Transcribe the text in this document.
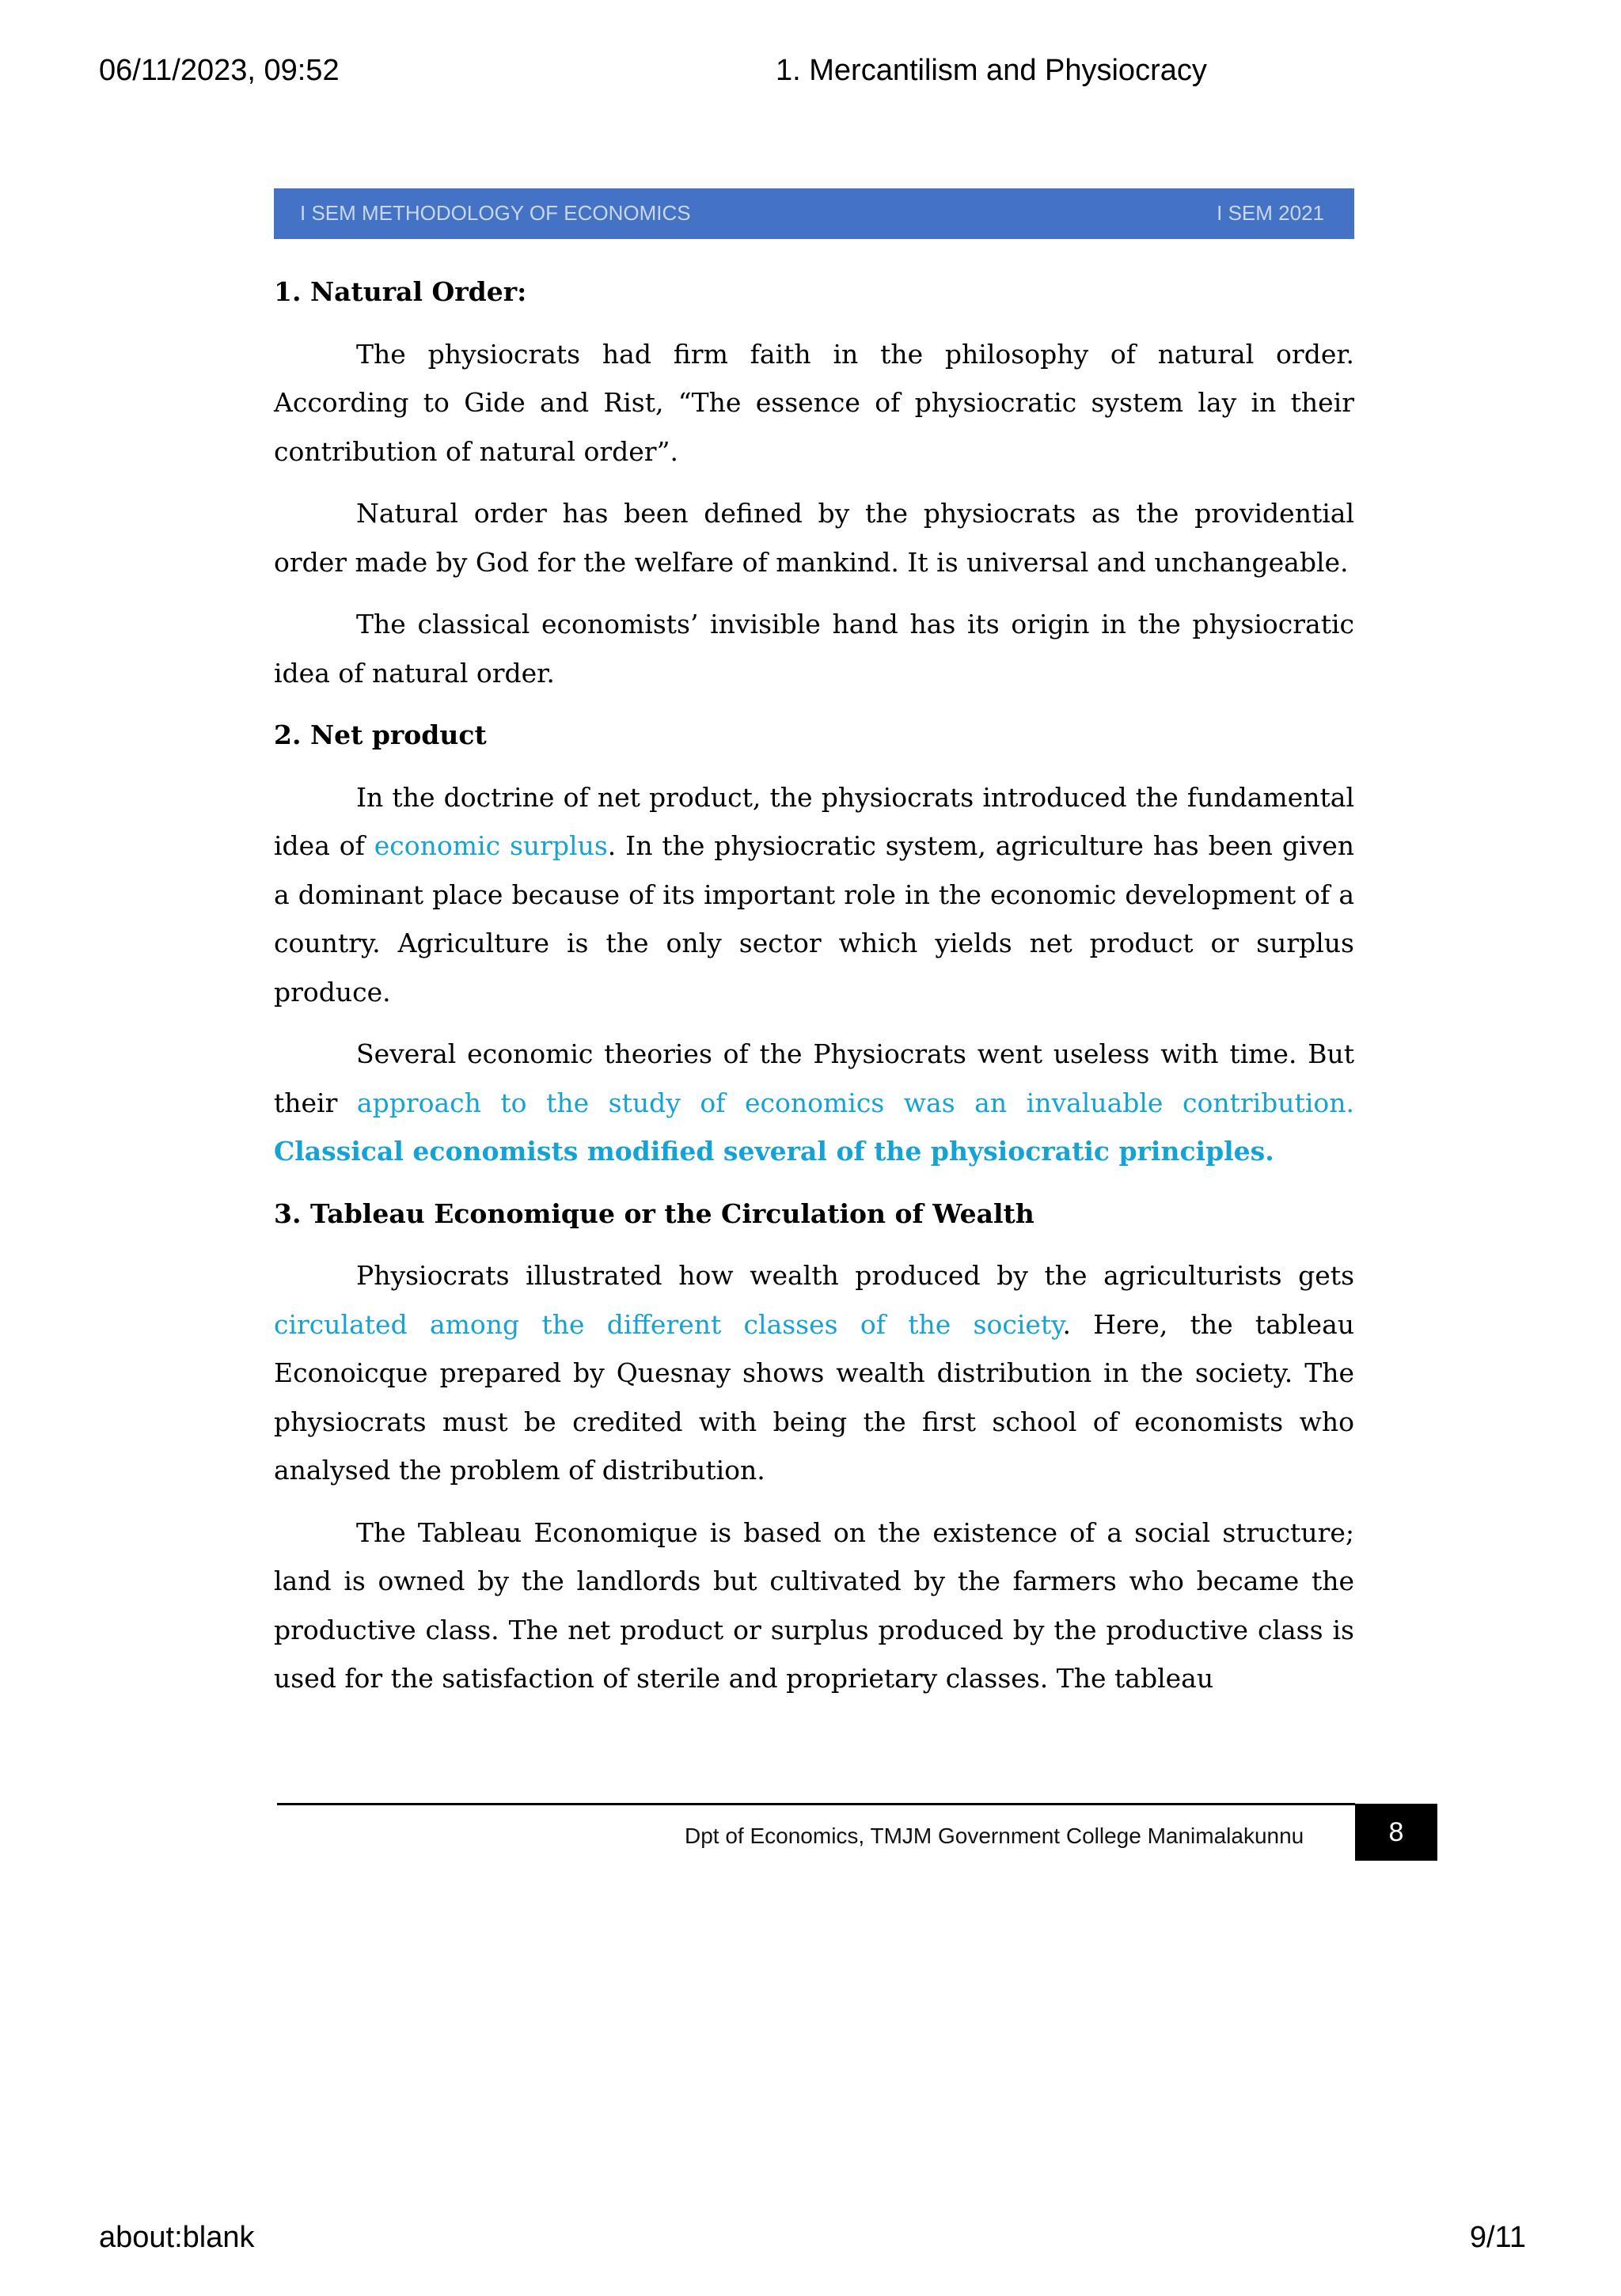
06/11/2023, 09:52	1. Mercantilism and Physiocracy
I SEM METHODOLOGY OF ECONOMICS	I SEM 2021
1. Natural Order:

The physiocrats had firm faith in the philosophy of natural order. According to Gide and Rist, “The essence of physiocratic system lay in their contribution of natural order”.

Natural order has been defined by the physiocrats as the providential order made by God for the welfare of mankind. It is universal and unchangeable.

The classical economists’ invisible hand has its origin in the physiocratic idea of natural order.

2. Net product

In the doctrine of net product, the physiocrats introduced the fundamental idea of economic surplus. In the physiocratic system, agriculture has been given a dominant place because of its important role in the economic development of a country. Agriculture is the only sector which yields net product or surplus produce.

Several economic theories of the Physiocrats went useless with time. But their approach to the study of economics was an invaluable contribution. Classical economists modified several of the physiocratic principles.

3. Tableau Economique or the Circulation of Wealth

Physiocrats illustrated how wealth produced by the agriculturists gets circulated among the different classes of the society. Here, the tableau Econoicque prepared by Quesnay shows wealth distribution in the society. The physiocrats must be credited with being the first school of economists who analysed the problem of distribution.

The Tableau Economique is based on the existence of a social structure; land is owned by the landlords but cultivated by the farmers who became the productive class. The net product or surplus produced by the productive class is used for the satisfaction of sterile and proprietary classes. The tableau

Dpt of Economics, TMJM Government College Manimalakunnu	8
about:blank	9/11
